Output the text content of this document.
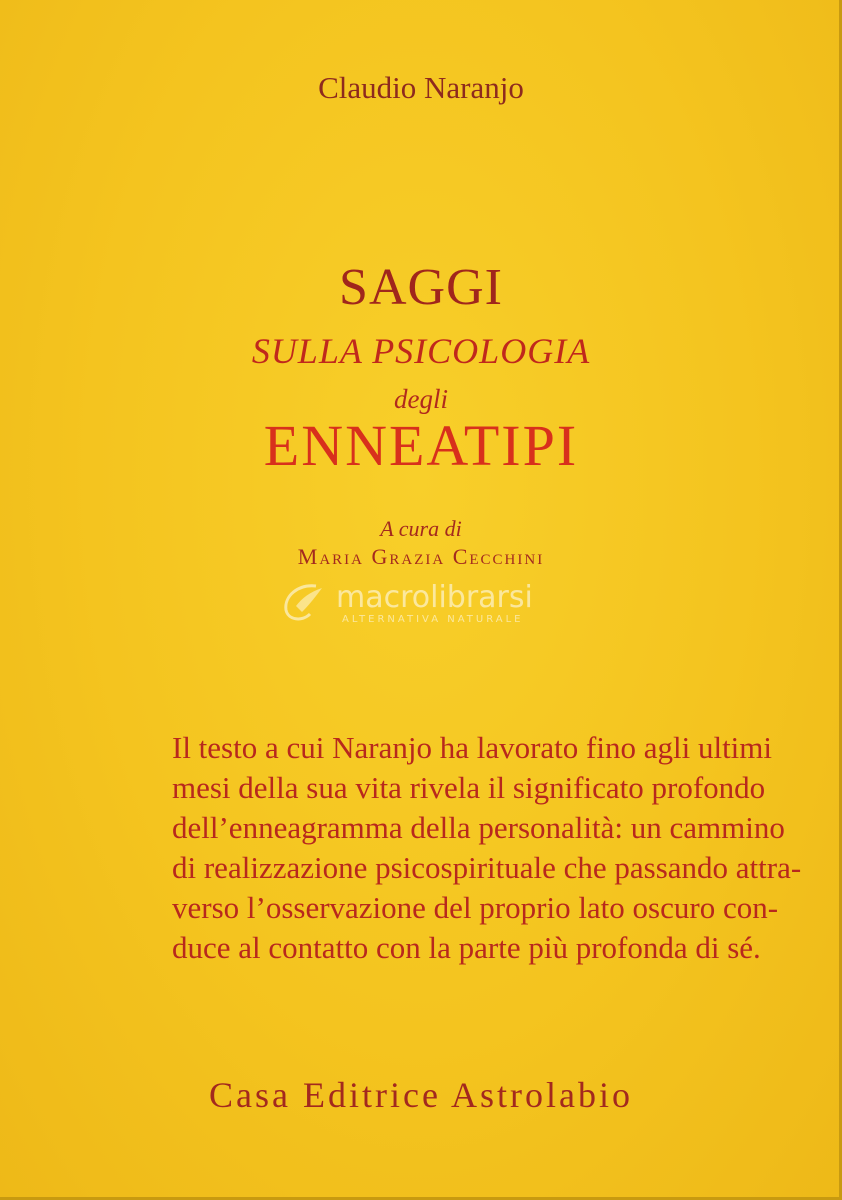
Claudio Naranjo
SAGGI
SULLA PSICOLOGIA
degli
ENNEATIPI
A cura di
Maria Grazia Cecchini
macrolibrarsi
ALTERNATIVA NATURALE
Il testo a cui Naranjo ha lavorato fino agli ultimi
mesi della sua vita rivela il significato profondo
dell’enneagramma della personalità: un cammino
di realizzazione psicospirituale che passando attra-
verso l’osservazione del proprio lato oscuro con-
duce al contatto con la parte più profonda di sé.
Casa Editrice Astrolabio
